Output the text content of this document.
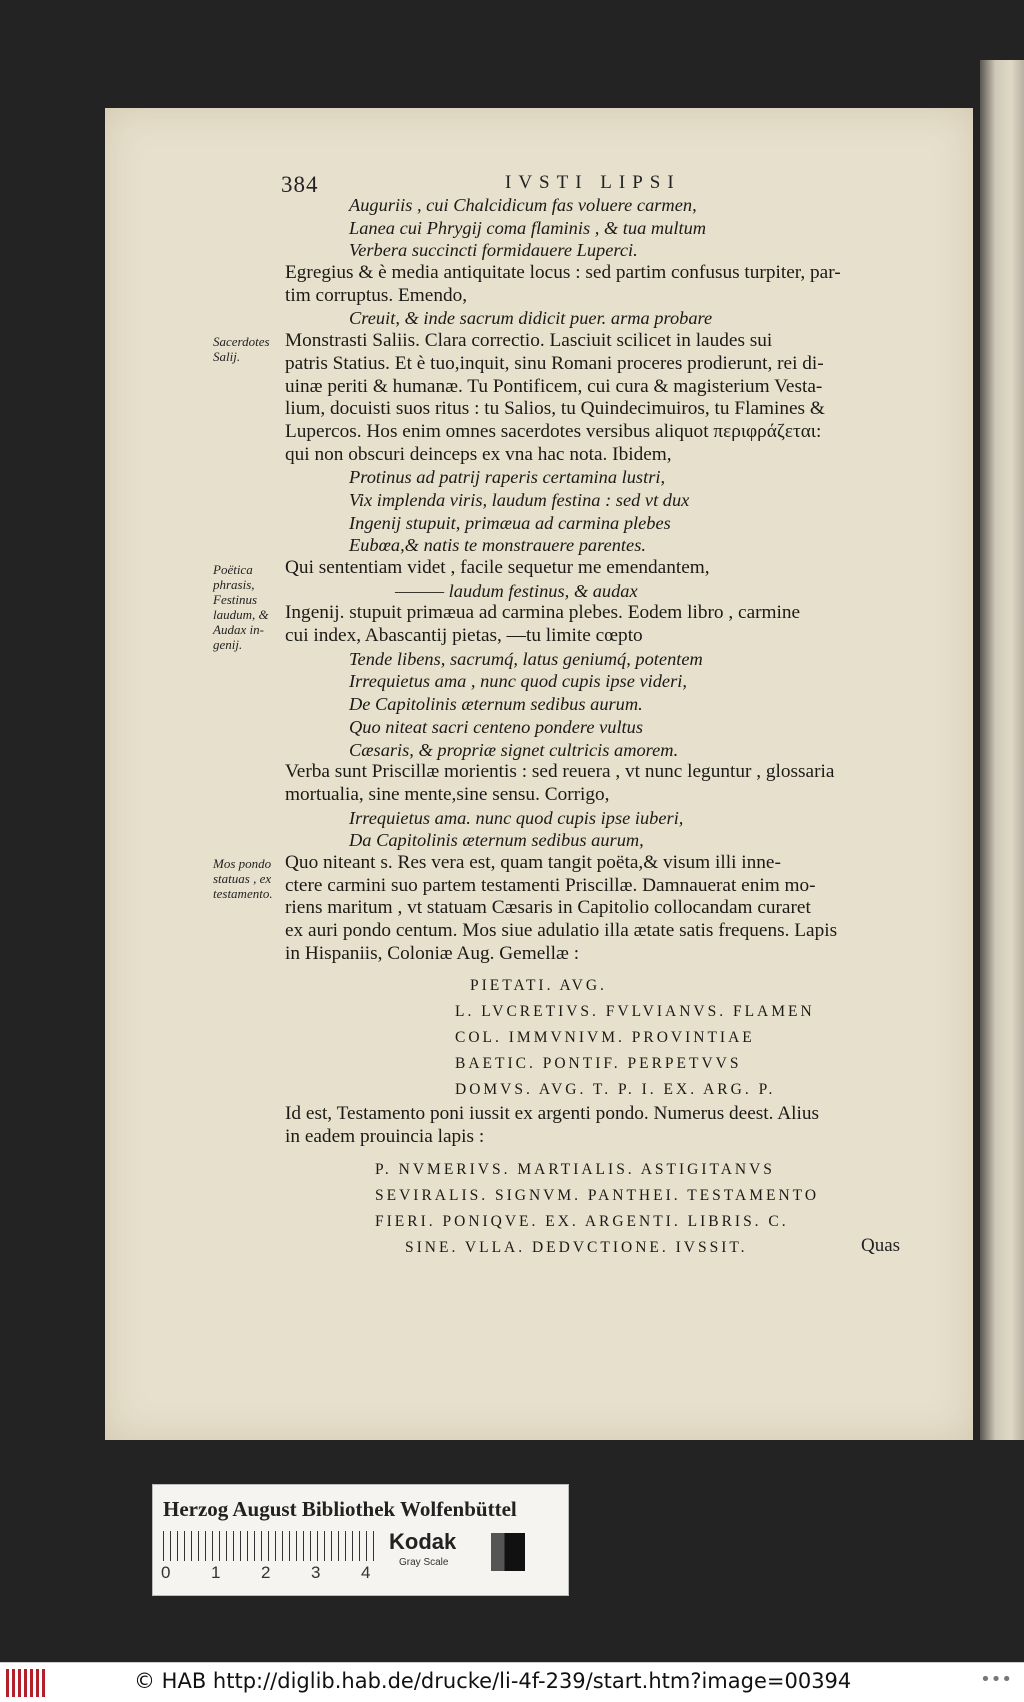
384	IVSTI LIPSI
Auguriis , cui Chalcidicum fas voluere carmen,
Lanea cui Phrygij coma flaminis , & tua multum
Verbera succincti formidauere Luperci.
Egregius & è media antiquitate locus : sed partim confusus turpiter, par-
tim corruptus. Emendo,
Creuit, & inde sacrum didicit puer. arma probare
Monstrasti Saliis. Clara correctio. Lasciuit scilicet in laudes sui
patris Statius. Et è tuo,inquit, sinu Romani proceres prodierunt, rei di-
uinæ periti & humanæ. Tu Pontificem, cui cura & magisterium Vesta-
lium, docuisti suos ritus : tu Salios, tu Quindecimuiros, tu Flamines &
Lupercos. Hos enim omnes sacerdotes versibus aliquot περιφράζεται:
qui non obscuri deinceps ex vna hac nota. Ibidem,
Protinus ad patrij raperis certamina lustri,
Vix implenda viris, laudum festina : sed vt dux
Ingenij stupuit, primæua ad carmina plebes
Eubœa,& natis te monstrauere parentes.
Qui sententiam videt , facile sequetur me emendantem,
——— laudum festinus, & audax
Ingenij. stupuit primæua ad carmina plebes. Eodem libro , carmine
cui index, Abascantij pietas, —tu limite cœpto
Tende libens, sacrumq́, latus geniumq́, potentem
Irrequietus ama , nunc quod cupis ipse videri,
De Capitolinis æternum sedibus aurum.
Quo niteat sacri centeno pondere vultus
Cæsaris, & propriæ signet cultricis amorem.
Verba sunt Priscillæ morientis : sed reuera , vt nunc leguntur , glossaria
mortualia, sine mente,sine sensu. Corrigo,
Irrequietus ama. nunc quod cupis ipse iuberi,
Da Capitolinis æternum sedibus aurum,
Quo niteant s. Res vera est, quam tangit poëta,& visum illi inne-
ctere carmini suo partem testamenti Priscillæ. Damnauerat enim mo-
riens maritum , vt statuam Cæsaris in Capitolio collocandam curaret
ex auri pondo centum. Mos siue adulatio illa ætate satis frequens. Lapis
in Hispaniis, Coloniæ Aug. Gemellæ :
PIETATI. AVG.
L. LVCRETIVS. FVLVIANVS. FLAMEN
COL. IMMVNIVM. PROVINTIAE
BAETIC. PONTIF. PERPETVVS
DOMVS. AVG. T. P. I. EX. ARG. P.
Id est, Testamento poni iussit ex argenti pondo. Numerus deest. Alius
in eadem prouincia lapis :
P. NVMERIVS. MARTIALIS. ASTIGITANVS
SEVIRALIS. SIGNVM. PANTHEI. TESTAMENTO
FIERI. PONIQVE. EX. ARGENTI. LIBRIS. C.
SINE. VLLA. DEDVCTIONE. IVSSIT.
Sacerdotes
Salij.
Poëtica
phrasis,
Festinus
laudum, &
Audax in-
genij.
Mos pondo
statuas , ex
testamento.
Quas
Herzog August Bibliothek Wolfenbüttel
0 1 2 3 4
Kodak
Gray Scale
© HAB http://diglib.hab.de/drucke/li-4f-239/start.htm?image=00394	•••
